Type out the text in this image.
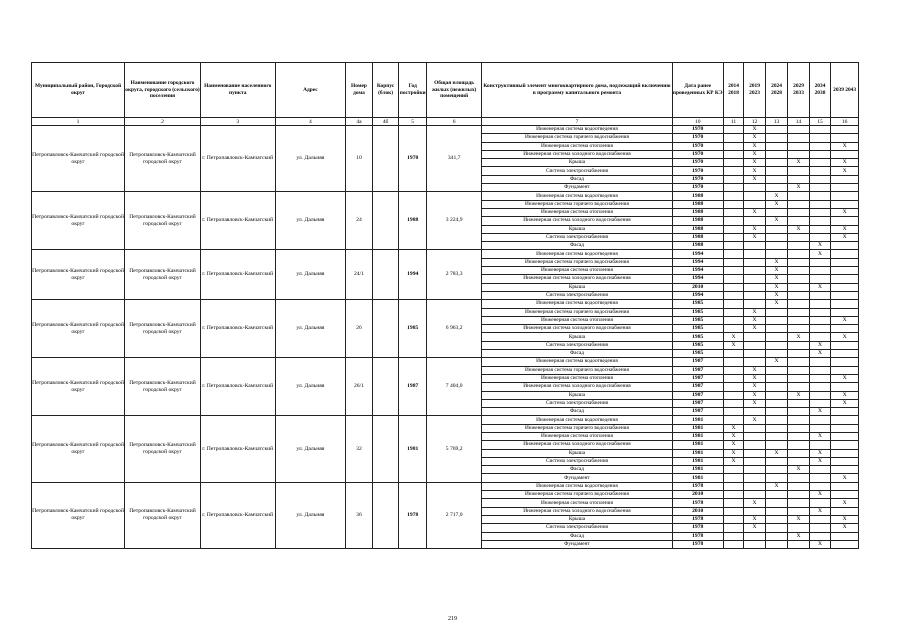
Муниципальный район, Городской округ	Наименование городского округа, городского (сельского) поселения	Наименование населенного пункта	Адрес	Номер дома	Корпус (блок)	Год постройки	Общая площадь жилых (нежилых) помещений	Конструктивный элемент многоквартирного дома, подлежащий включению в программу капитального ремонта	Дата ранее проведенных КР КЭ	2014 2018	2019 2023	2024 2028	2029 2033	2034 2038	2039 2043
1	2	3	4	4а	4б	5	6	7	10	11	12	13	14	15	16
Петропавловск-Камчатский городской округ	Петропавловск-Камчатский городской округ	г. Петропавловск-Камчатский	ул. Дальняя	10		1970	341,7	Инженерная система водоотведения	1970		X				
								Инженерная система горячего водоснабжения	1970		X				
								Инженерная система отопления	1970		X				X
								Инженерная система холодного водоснабжения	1970		X				
								Крыша	1970		X		X		X
								Система электроснабжения	1970		X				X
								Фасад	1970		X				
								Фундамент	1970				X		
Петропавловск-Камчатский городской округ	Петропавловск-Камчатский городской округ	г. Петропавловск-Камчатский	ул. Дальняя	24		1988	3 224,9	Инженерная система водоотведения	1988			X			
								Инженерная система горячего водоснабжения	1988			X			
								Инженерная система отопления	1988		X				X
								Инженерная система холодного водоснабжения	1988			X			
								Крыша	1988		X		X		X
								Система электроснабжения	1988		X				X
								Фасад	1988					X	
Петропавловск-Камчатский городской округ	Петропавловск-Камчатский городской округ	г. Петропавловск-Камчатский	ул. Дальняя	24/1		1994	2 783,3	Инженерная система водоотведения	1994					X	
								Инженерная система горячего водоснабжения	1994			X			
								Инженерная система отопления	1994			X			
								Инженерная система холодного водоснабжения	1994			X			
								Крыша	2010			X		X	
								Система электроснабжения	1994			X			
Петропавловск-Камчатский городской округ	Петропавловск-Камчатский городской округ	г. Петропавловск-Камчатский	ул. Дальняя	26		1985	6 963,2	Инженерная система водоотведения	1985			X			
								Инженерная система горячего водоснабжения	1985		X				
								Инженерная система отопления	1985		X				X
								Инженерная система холодного водоснабжения	1985		X				
								Крыша	1985	X			X		X
								Система электроснабжения	1985	X				X	
								Фасад	1985					X	
Петропавловск-Камчатский городской округ	Петропавловск-Камчатский городской округ	г. Петропавловск-Камчатский	ул. Дальняя	26/1		1987	7 404,0	Инженерная система водоотведения	1987			X			
								Инженерная система горячего водоснабжения	1987		X				
								Инженерная система отопления	1987		X				X
								Инженерная система холодного водоснабжения	1987		X				
								Крыша	1987		X		X		X
								Система электроснабжения	1987		X				X
								Фасад	1987					X	
Петропавловск-Камчатский городской округ	Петропавловск-Камчатский городской округ	г. Петропавловск-Камчатский	ул. Дальняя	32		1981	5 769,2	Инженерная система водоотведения	1981		X				
								Инженерная система горячего водоснабжения	1981	X					
								Инженерная система отопления	1981	X				X	
								Инженерная система холодного водоснабжения	1981	X					
								Крыша	1981	X		X		X	
								Система электроснабжения	1981	X				X	
								Фасад	1981				X		
								Фундамент	1981						X
Петропавловск-Камчатский городской округ	Петропавловск-Камчатский городской округ	г. Петропавловск-Камчатский	ул. Дальняя	36		1978	2 717,0	Инженерная система водоотведения	1978			X			
								Инженерная система горячего водоснабжения	2010					X	
								Инженерная система отопления	1978		X				X
								Инженерная система холодного водоснабжения	2010					X	
								Крыша	1978		X		X		X
								Система электроснабжения	1978		X				X
								Фасад	1978				X		
								Фундамент	1978					X	
219
